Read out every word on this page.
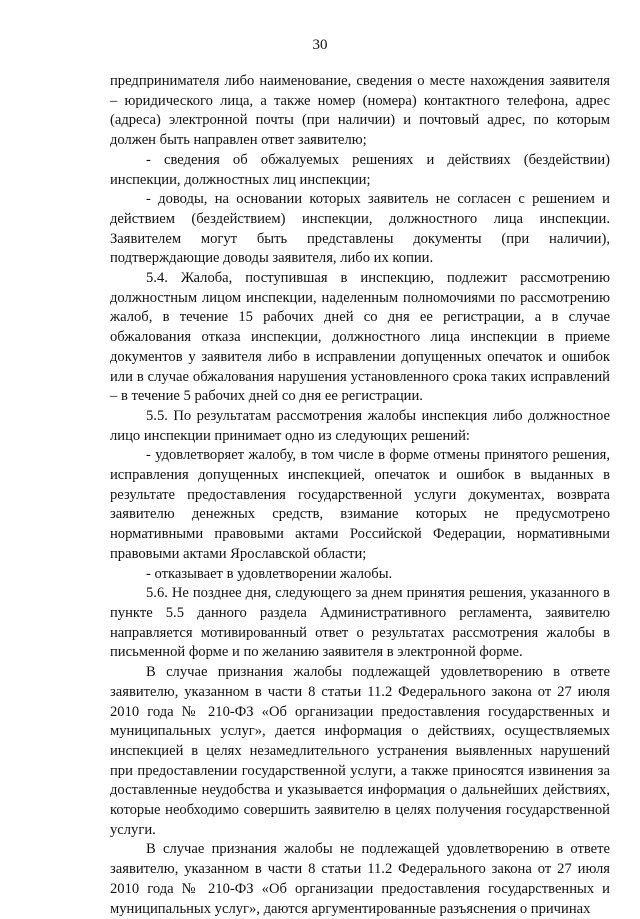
30

предпринимателя либо наименование, сведения о месте нахождения заявителя – юридического лица, а также номер (номера) контактного телефона, адрес (адреса) электронной почты (при наличии) и почтовый адрес, по которым должен быть направлен ответ заявителю;

- сведения об обжалуемых решениях и действиях (бездействии) инспекции, должностных лиц инспекции;

- доводы, на основании которых заявитель не согласен с решением и действием (бездействием) инспекции, должностного лица инспекции. Заявителем могут быть представлены документы (при наличии), подтверждающие доводы заявителя, либо их копии.

5.4. Жалоба, поступившая в инспекцию, подлежит рассмотрению должностным лицом инспекции, наделенным полномочиями по рассмотрению жалоб, в течение 15 рабочих дней со дня ее регистрации, а в случае обжалования отказа инспекции, должностного лица инспекции в приеме документов у заявителя либо в исправлении допущенных опечаток и ошибок или в случае обжалования нарушения установленного срока таких исправлений – в течение 5 рабочих дней со дня ее регистрации.

5.5. По результатам рассмотрения жалобы инспекция либо должностное лицо инспекции принимает одно из следующих решений:

- удовлетворяет жалобу, в том числе в форме отмены принятого решения, исправления допущенных инспекцией, опечаток и ошибок в выданных в результате предоставления государственной услуги документах, возврата заявителю денежных средств, взимание которых не предусмотрено нормативными правовыми актами Российской Федерации, нормативными правовыми актами Ярославской области;

- отказывает в удовлетворении жалобы.

5.6. Не позднее дня, следующего за днем принятия решения, указанного в пункте 5.5 данного раздела Административного регламента, заявителю направляется мотивированный ответ о результатах рассмотрения жалобы в письменной форме и по желанию заявителя в электронной форме.

В случае признания жалобы подлежащей удовлетворению в ответе заявителю, указанном в части 8 статьи 11.2 Федерального закона от 27 июля 2010 года № 210-ФЗ «Об организации предоставления государственных и муниципальных услуг», дается информация о действиях, осуществляемых инспекцией в целях незамедлительного устранения выявленных нарушений при предоставлении государственной услуги, а также приносятся извинения за доставленные неудобства и указывается информация о дальнейших действиях, которые необходимо совершить заявителю в целях получения государственной услуги.

В случае признания жалобы не подлежащей удовлетворению в ответе заявителю, указанном в части 8 статьи 11.2 Федерального закона от 27 июля 2010 года № 210-ФЗ «Об организации предоставления государственных и муниципальных услуг», даются аргументированные разъяснения о причинах
